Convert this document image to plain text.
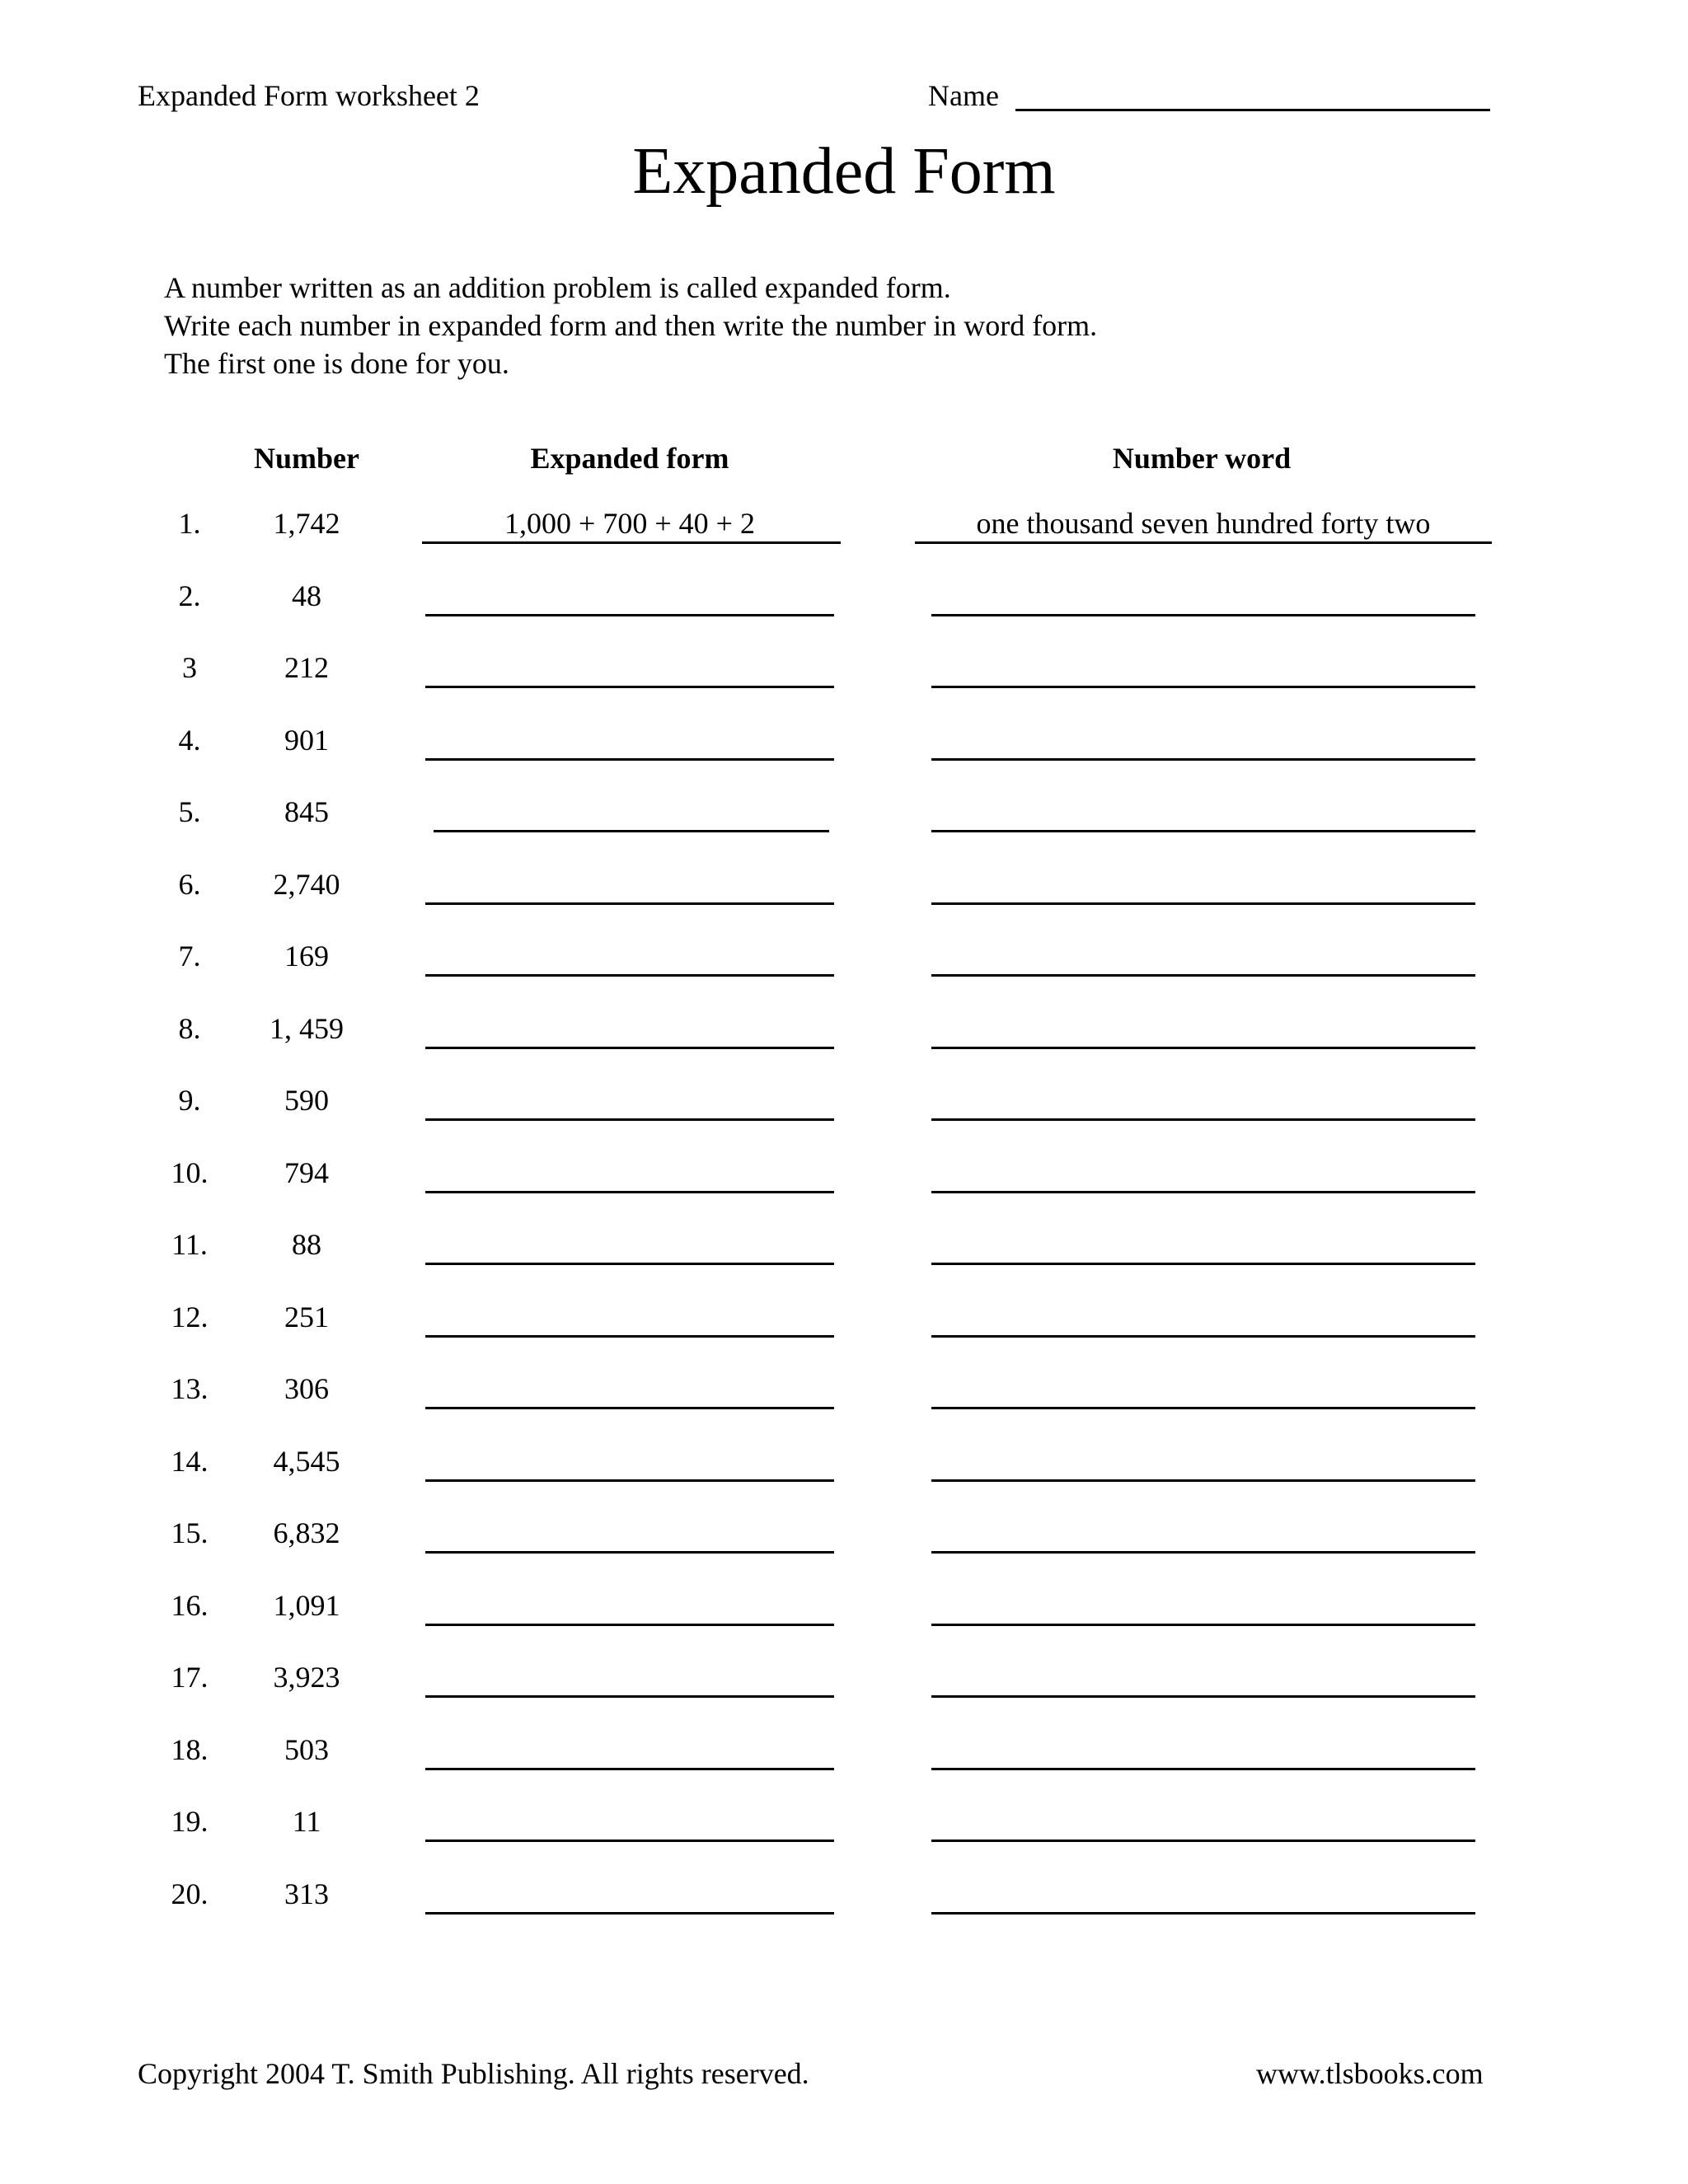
Expanded Form worksheet 2	Name
Expanded Form
A number written as an addition problem is called expanded form.
Write each number in expanded form and then write the number in word form.
The first one is done for you.
Number	Expanded form	Number word
1.	1,742	1,000 + 700 + 40 + 2	one thousand seven hundred forty two
2.	48
3	212
4.	901
5.	845
6.	2,740
7.	169
8.	1, 459
9.	590
10.	794
11.	88
12.	251
13.	306
14.	4,545
15.	6,832
16.	1,091
17.	3,923
18.	503
19.	11
20.	313
Copyright 2004 T. Smith Publishing. All rights reserved.	www.tlsbooks.com
